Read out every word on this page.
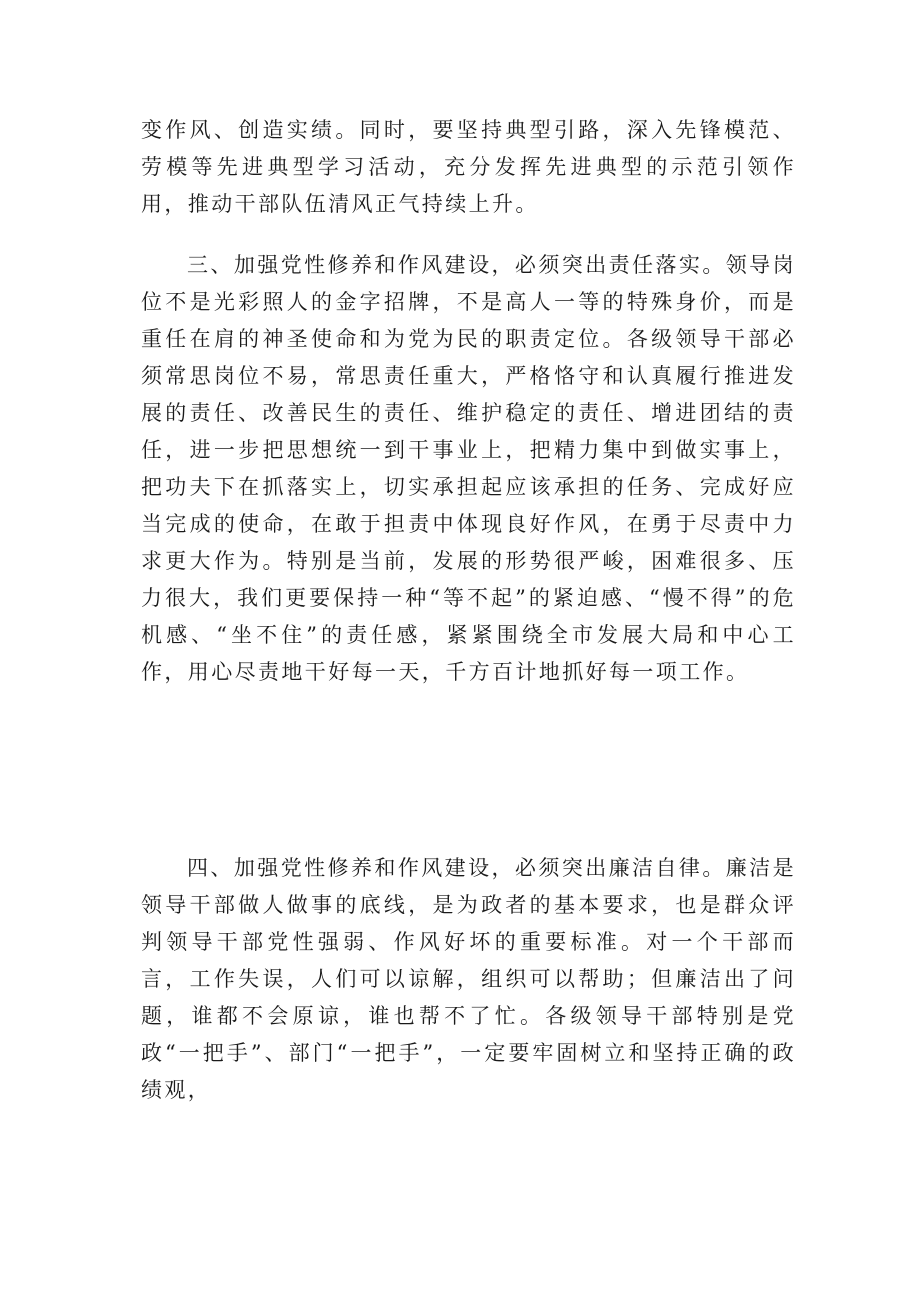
变作风、创造实绩。同时，要坚持典型引路，深入先锋模范、劳模等先进典型学习活动，充分发挥先进典型的示范引领作用，推动干部队伍清风正气持续上升。

三、加强党性修养和作风建设，必须突出责任落实。领导岗位不是光彩照人的金字招牌，不是高人一等的特殊身价，而是重任在肩的神圣使命和为党为民的职责定位。各级领导干部必须常思岗位不易，常思责任重大，严格恪守和认真履行推进发展的责任、改善民生的责任、维护稳定的责任、增进团结的责任，进一步把思想统一到干事业上，把精力集中到做实事上，把功夫下在抓落实上，切实承担起应该承担的任务、完成好应当完成的使命，在敢于担责中体现良好作风，在勇于尽责中力求更大作为。特别是当前，发展的形势很严峻，困难很多、压力很大，我们更要保持一种“等不起”的紧迫感、“慢不得”的危机感、“坐不住”的责任感，紧紧围绕全市发展大局和中心工作，用心尽责地干好每一天，千方百计地抓好每一项工作。

四、加强党性修养和作风建设，必须突出廉洁自律。廉洁是领导干部做人做事的底线，是为政者的基本要求，也是群众评判领导干部党性强弱、作风好坏的重要标准。对一个干部而言，工作失误，人们可以谅解，组织可以帮助；但廉洁出了问题，谁都不会原谅，谁也帮不了忙。各级领导干部特别是党政“一把手”、部门“一把手”，一定要牢固树立和坚持正确的政绩观，
